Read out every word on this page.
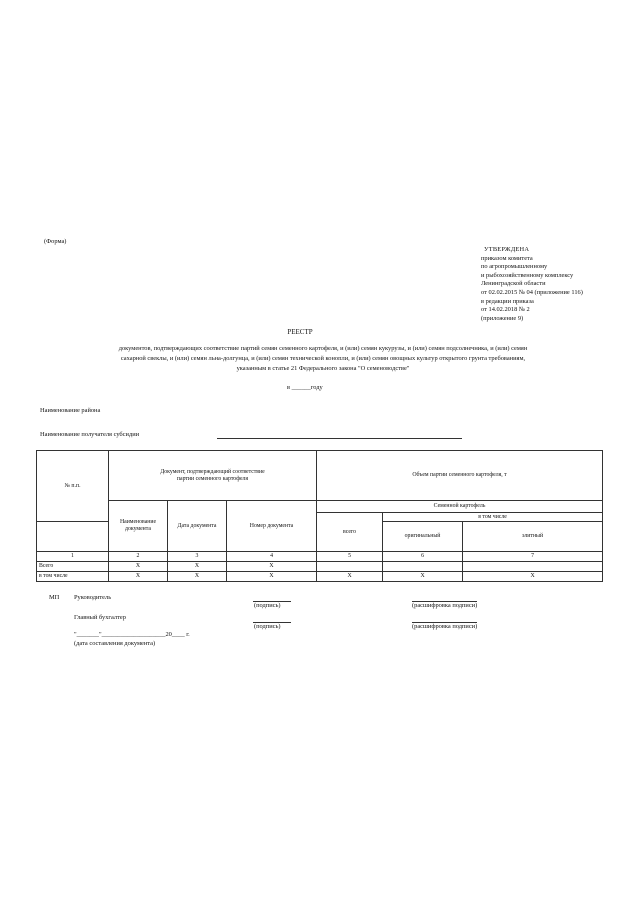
(Форма)
УТВЕРЖДЕНА
приказом комитета
по агропромышленному
и рыбохозяйственному комплексу
Ленинградской области
от 02.02.2015 № 04 (приложение 116)
в редакции приказа
от 14.02.2018 № 2
(приложение 9)
РЕЕСТР
документов, подтверждающих соответствие партий семян семенного картофеля, и (или) семян кукурузы, и (или) семян подсолнечника, и (или) семян
сахарной свеклы, и (или) семян льна-долгунца, и (или) семян технической конопли, и (или) семян овощных культур открытого грунта требованиям,
указанным в статье 21 Федерального закона "О семеноводстве"
в ______году
Наименование района
Наименование получателя субсидии
№ п.п.	Документ, подтверждающий соответствие партии семенного картофеля			Объем партии семенного картофеля, т		
	Наименование документа	Дата документа	Номер документа	Семенной картофель		
				всего	в том числе	
					оригинальный	элитный
1	2	3	4	5	6	7
Всего	Х	Х	Х			
в том числе	Х	Х	Х	Х	Х	Х
МП Руководитель
(подпись)	(расшифровка подписи)
Главный бухгалтер
(подпись)	(расшифровка подписи)
"_______"____________________20____ г.
(дата составления документа)
